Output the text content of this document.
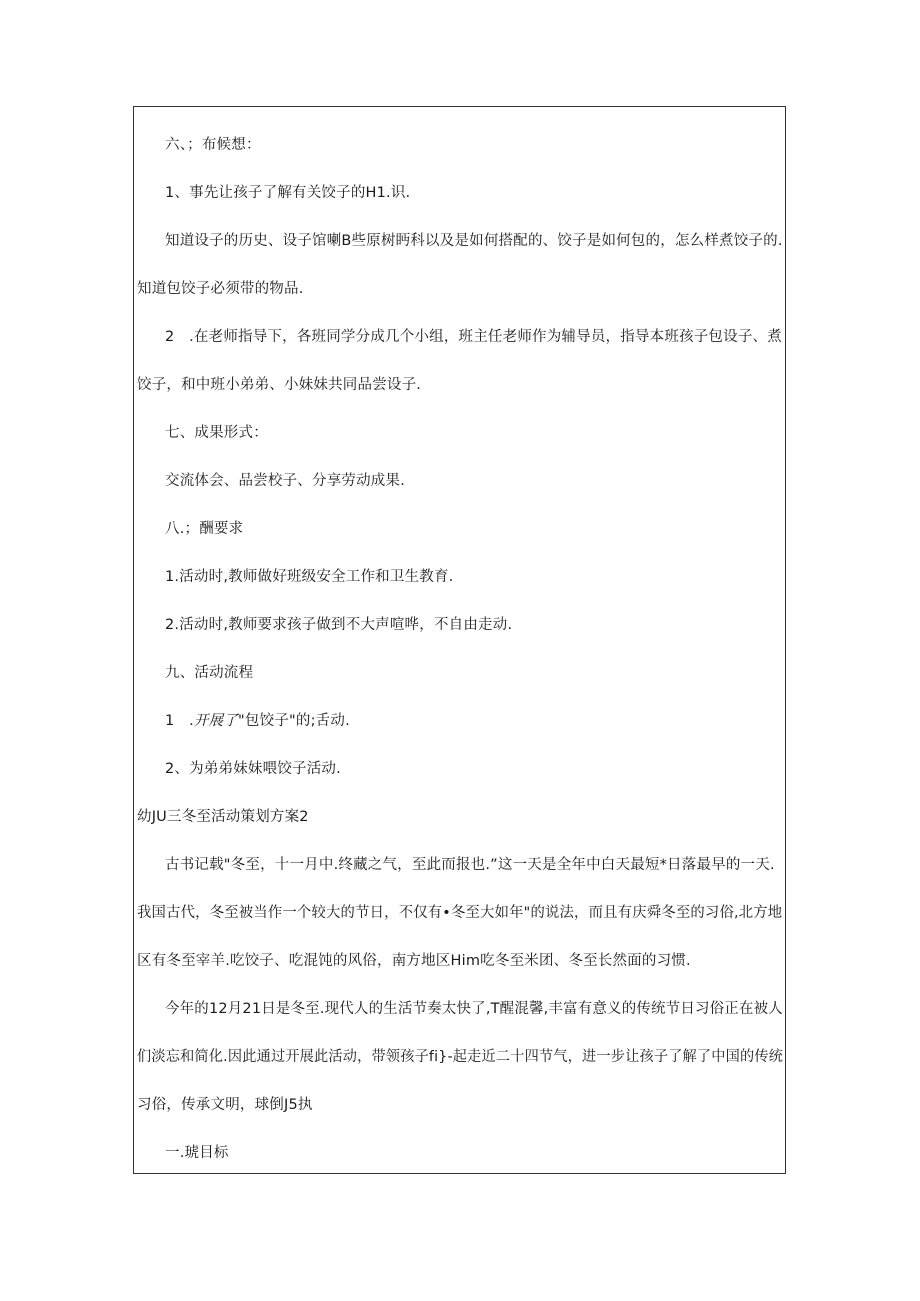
六、；布候想：
1、事先让孩子了解有关饺子的H1.识.
知道设子的历史、设子馆喇B些原树眄科以及是如何搭配的、饺子是如何包的，怎么样煮饺子的.
知道包饺子必须带的物品.
2　.在老师指导下，各班同学分成几个小组，班主任老师作为辅导员，指导本班孩子包设子、煮
饺子，和中班小弟弟、小妹妹共同品尝设子.
七、成果形式：
交流体会、品尝校子、分享劳动成果.
八.；酬要求
1.活动时,教师做好班级安全工作和卫生教育.
2.活动时,教师要求孩子做到不大声喧哗，不自由走动.
九、活动流程
1　.开展了"包饺子"的;舌动.
2、为弟弟妹妹喂饺子活动.
幼JU三冬至活动策划方案2
古书记载"冬至，十一月中.终藏之气，至此而报也.”这一天是全年中白天最短*日落最早的一天.
我国古代，冬至被当作一个较大的节日，不仅有•冬至大如年"的说法，而且有庆舜冬至的习俗,北方地
区有冬至宰羊.吃饺子、吃混饨的风俗，南方地区Him吃冬至米团、冬至长然面的习惯.
今年的12月21日是冬至.现代人的生活节奏太快了,T醒混馨,丰富有意义的传统节日习俗正在被人
们淡忘和简化.因此通过开展此活动，带领孩子fi}-起走近二十四节气，进一步让孩子了解了中国的传统
习俗，传承文明，球倒J5执
一.琥目标
